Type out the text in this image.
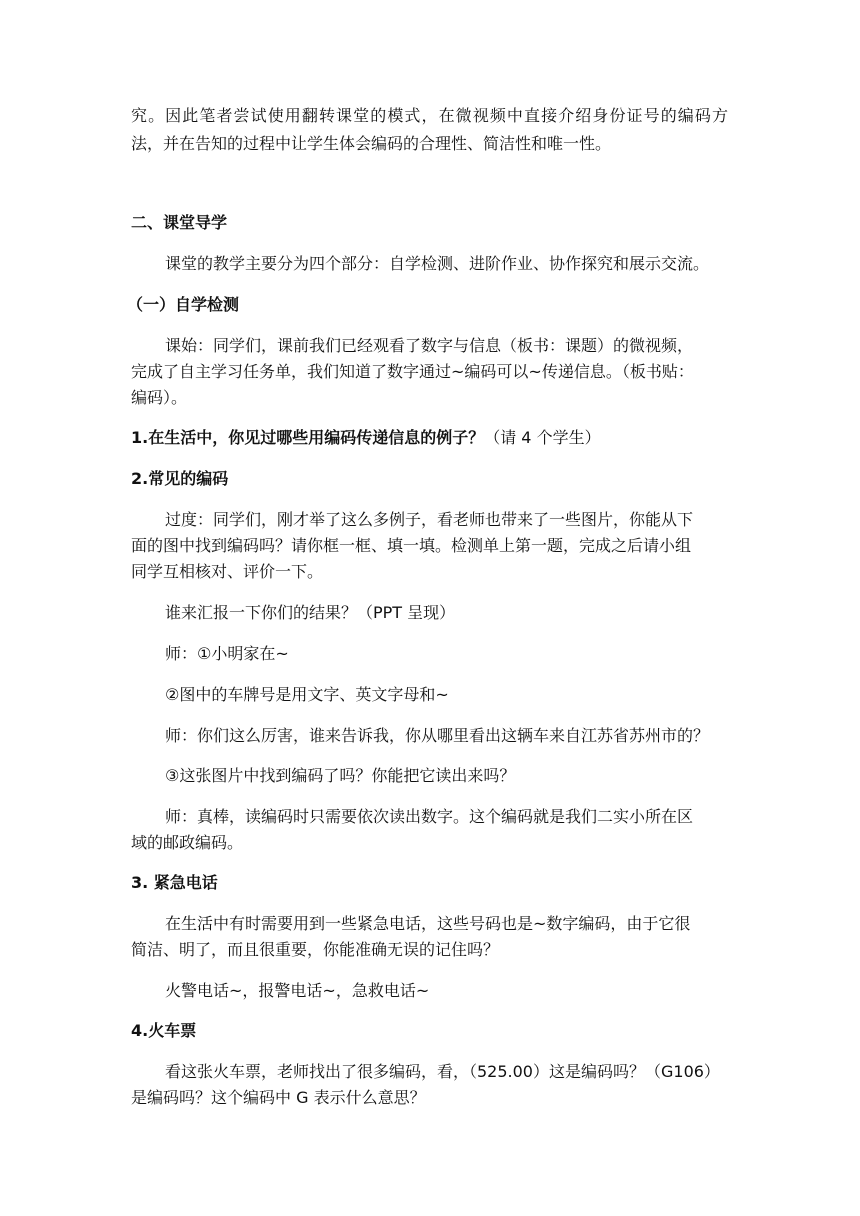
究。因此笔者尝试使用翻转课堂的模式，在微视频中直接介绍身份证号的编码方
法，并在告知的过程中让学生体会编码的合理性、简洁性和唯一性。
二、课堂导学
课堂的教学主要分为四个部分：自学检测、进阶作业、协作探究和展示交流。
（一）自学检测
课始：同学们，课前我们已经观看了数字与信息（板书：课题）的微视频，
完成了自主学习任务单，我们知道了数字通过~编码可以~传递信息。（板书贴：
编码）。
1.在生活中，你见过哪些用编码传递信息的例子？（请 4 个学生）
2.常见的编码
过度：同学们，刚才举了这么多例子，看老师也带来了一些图片，你能从下
面的图中找到编码吗？请你框一框、填一填。检测单上第一题，完成之后请小组
同学互相核对、评价一下。
谁来汇报一下你们的结果？（PPT 呈现）
师：①小明家在~
②图中的车牌号是用文字、英文字母和~
师：你们这么厉害，谁来告诉我，你从哪里看出这辆车来自江苏省苏州市的？
③这张图片中找到编码了吗？你能把它读出来吗？
师：真棒，读编码时只需要依次读出数字。这个编码就是我们二实小所在区
域的邮政编码。
3. 紧急电话
在生活中有时需要用到一些紧急电话，这些号码也是~数字编码，由于它很
简洁、明了，而且很重要，你能准确无误的记住吗？
火警电话~，报警电话~，急救电话~
4.火车票
看这张火车票，老师找出了很多编码，看，（525.00）这是编码吗？（G106）
是编码吗？这个编码中 G 表示什么意思？
